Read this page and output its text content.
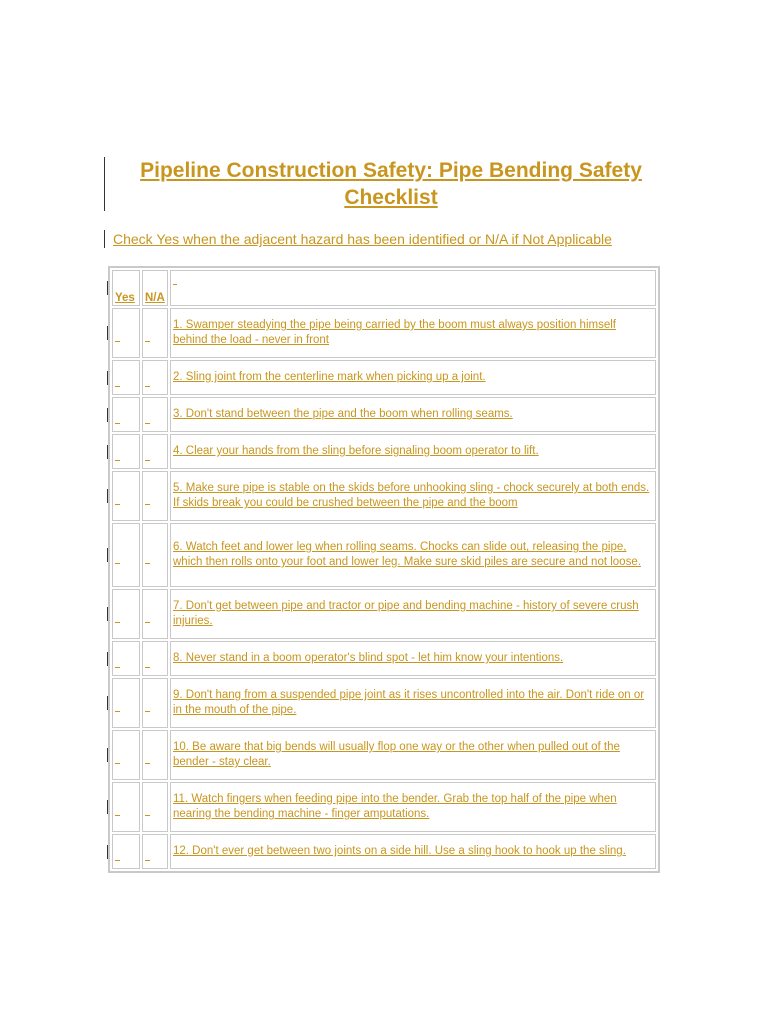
Pipeline Construction Safety: Pipe Bending Safety Checklist
Check Yes when the adjacent hazard has been identified or N/A if Not Applicable
Yes	N/A	

		1. Swamper steadying the pipe being carried by the boom must always position himself behind the load - never in front

		2. Sling joint from the centerline mark when picking up a joint.

		3. Don't stand between the pipe and the boom when rolling seams.

		4. Clear your hands from the sling before signaling boom operator to lift.

		5. Make sure pipe is stable on the skids before unhooking sling - chock securely at both ends. If skids break you could be crushed between the pipe and the boom

		6. Watch feet and lower leg when rolling seams. Chocks can slide out, releasing the pipe, which then rolls onto your foot and lower leg. Make sure skid piles are secure and not loose.

		7. Don't get between pipe and tractor or pipe and bending machine - history of severe crush injuries.

		8. Never stand in a boom operator's blind spot - let him know your intentions.

		9. Don't hang from a suspended pipe joint as it rises uncontrolled into the air. Don't ride on or in the mouth of the pipe.

		10. Be aware that big bends will usually flop one way or the other when pulled out of the bender - stay clear.

		11. Watch fingers when feeding pipe into the bender. Grab the top half of the pipe when nearing the bending machine - finger amputations.

		12. Don't ever get between two joints on a side hill. Use a sling hook to hook up the sling.
